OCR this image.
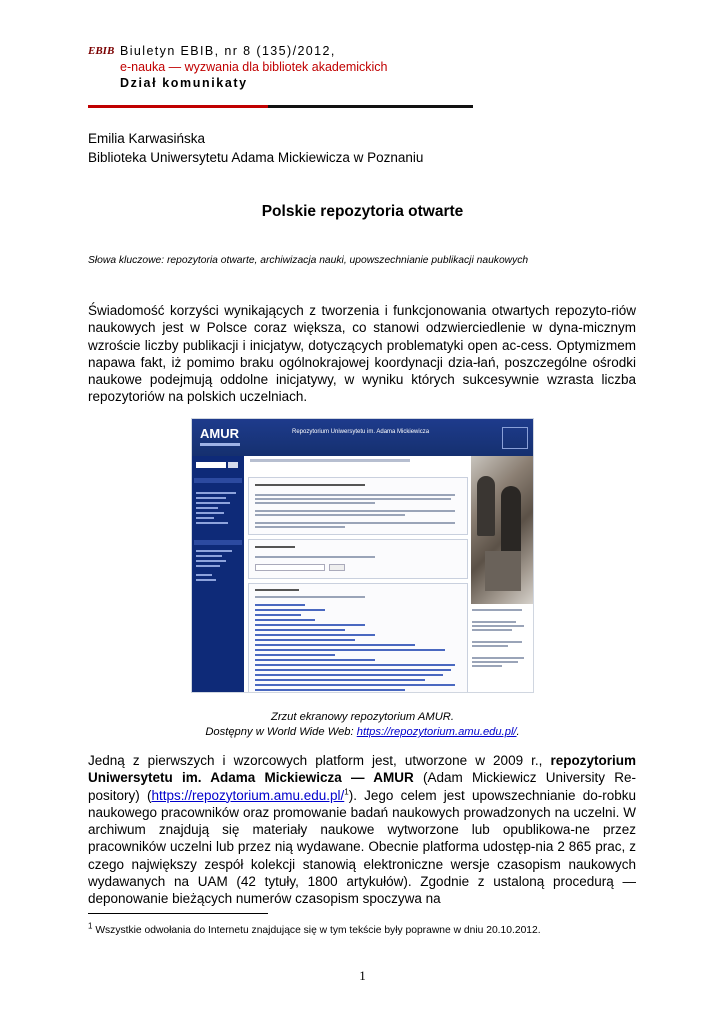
EBIB Biuletyn EBIB, nr 8 (135)/2012,
e-nauka — wyzwania dla bibliotek akademickich
Dział komunikaty
Emilia Karwasińska
Biblioteka Uniwersytetu Adama Mickiewicza w Poznaniu
Polskie repozytoria otwarte
Słowa kluczowe: repozytoria otwarte, archiwizacja nauki, upowszechnianie publikacji naukowych
Świadomość korzyści wynikających z tworzenia i funkcjonowania otwartych repozyto-riów naukowych jest w Polsce coraz większa, co stanowi odzwierciedlenie w dyna-micznym wzroście liczby publikacji i inicjatyw, dotyczących problematyki open ac-cess. Optymizmem napawa fakt, iż pomimo braku ogólnokrajowej koordynacji dzia-łań, poszczególne ośrodki naukowe podejmują oddolne inicjatywy, w wyniku których sukcesywnie wzrasta liczba repozytoriów na polskich uczelniach.
AMUR	Repozytorium Uniwersytetu im. Adama Mickiewicza
Zrzut ekranowy repozytorium AMUR.
Dostępny w World Wide Web: https://repozytorium.amu.edu.pl/.
Jedną z pierwszych i wzorcowych platform jest, utworzone w 2009 r., repozytorium Uniwersytetu im. Adama Mickiewicza — AMUR (Adam Mickiewicz University Re-pository) (https://repozytorium.amu.edu.pl/$^1$). Jego celem jest upowszechnianie do-robku naukowego pracowników oraz promowanie badań naukowych prowadzonych na uczelni. W archiwum znajdują się materiały naukowe wytworzone lub opublikowa-ne przez pracowników uczelni lub przez nią wydawane. Obecnie platforma udostęp-nia 2 865 prac, z czego największy zespół kolekcji stanowią elektroniczne wersje czasopism naukowych wydawanych na UAM (42 tytuły, 1800 artykułów). Zgodnie z ustaloną procedurą — deponowanie bieżących numerów czasopism spoczywa na
$^1$ Wszystkie odwołania do Internetu znajdujące się w tym tekście były poprawne w dniu 20.10.2012.
1
